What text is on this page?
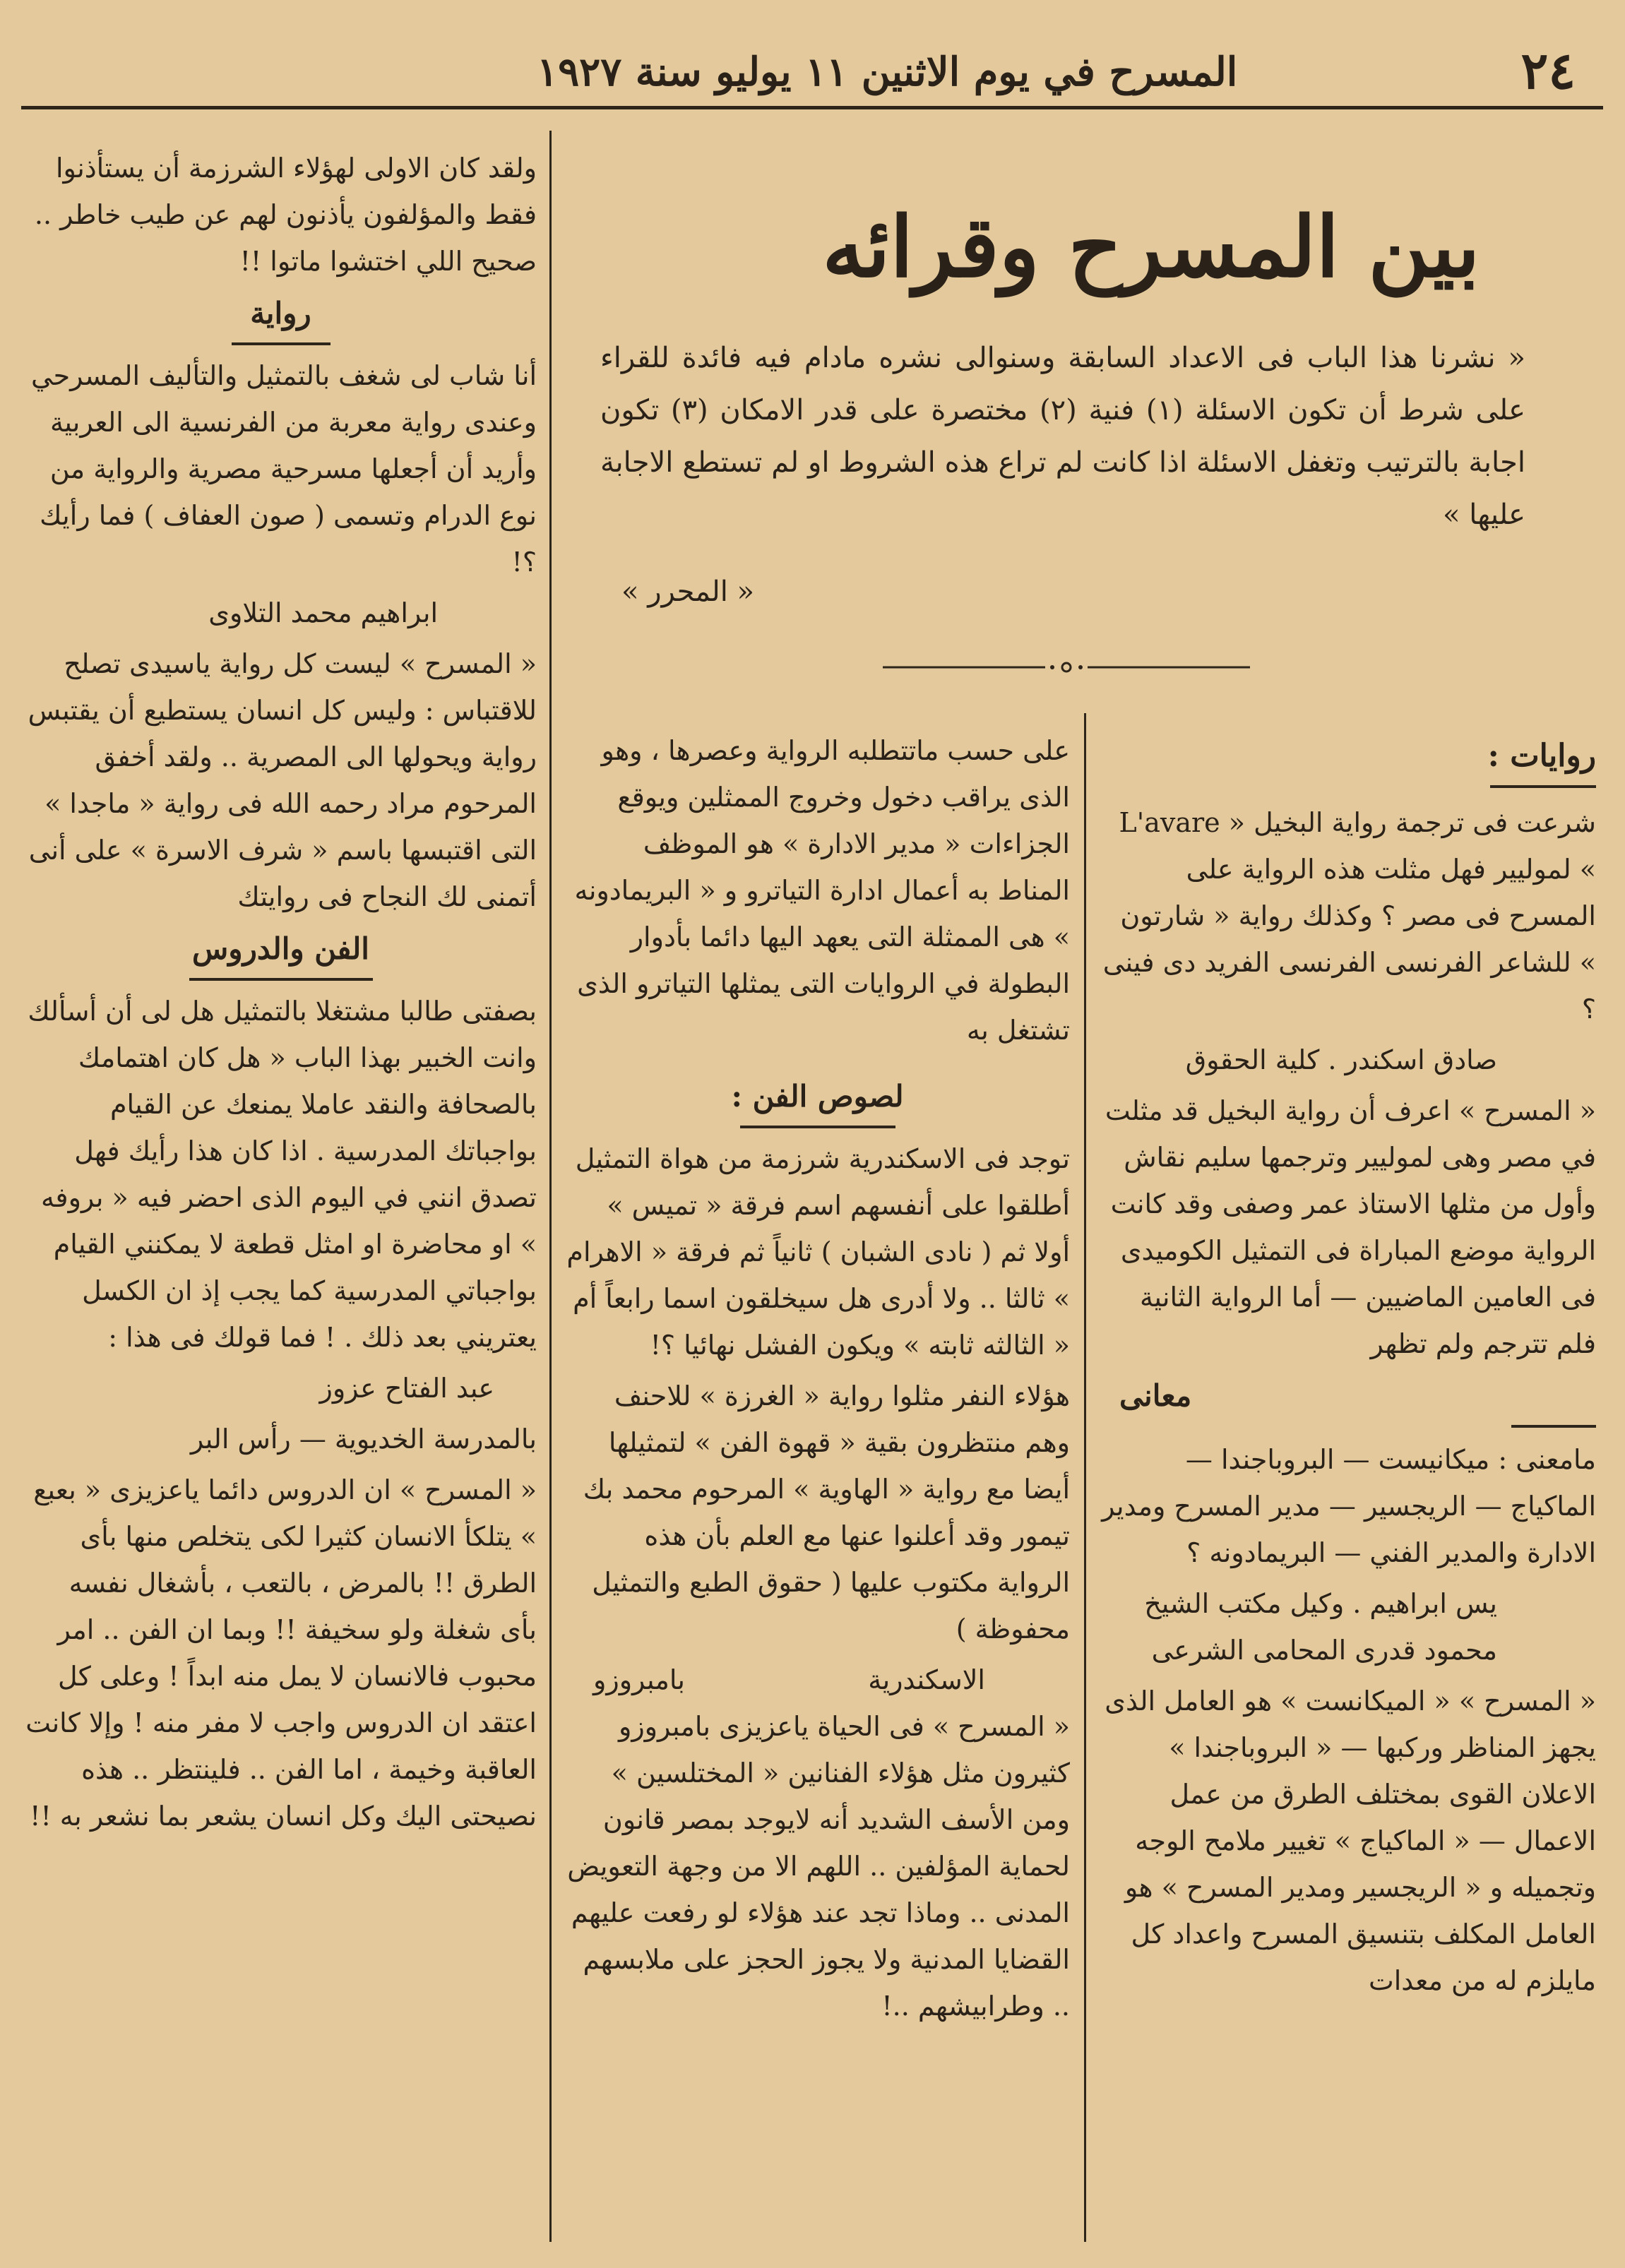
٢٤
المسرح في يوم الاثنين ١١ يوليو سنة ١٩٢٧
بين المسرح وقرائه
« نشرنا هذا الباب فى الاعداد السابقة وسنوالى نشره مادام فيه فائدة للقراء على شرط أن تكون الاسئلة (١) فنية (٢) مختصرة على قدر الامكان (٣) تكون اجابة بالترتيب وتغفل الاسئلة اذا كانت لم تراع هذه الشروط او لم تستطع الاجابة عليها »
« المحرر »
روايات :

شرعت فى ترجمة رواية البخيل « L'avare » لموليير فهل مثلت هذه الرواية على المسرح فى مصر ؟ وكذلك رواية « شارتون » للشاعر الفرنسى الفرنسى الفريد دى فينى ؟

صادق اسكندر . كلية الحقوق

« المسرح » اعرف أن رواية البخيل قد مثلت في مصر وهى لموليير وترجمها سليم نقاش وأول من مثلها الاستاذ عمر وصفى وقد كانت الرواية موضع المباراة فى التمثيل الكوميدى فى العامين الماضيين — أما الرواية الثانية فلم تترجم ولم تظهر

معانى

مامعنى : ميكانيست — البروباجندا — الماكياج — الريجسير — مدير المسرح ومدير الادارة والمدير الفني — البريمادونه ؟

يس ابراهيم . وكيل مكتب الشيخ محمود قدرى المحامى الشرعى

« المسرح » « الميكانست » هو العامل الذى يجهز المناظر وركبها — « البروباجندا » الاعلان القوى بمختلف الطرق من عمل الاعمال — « الماكياج » تغيير ملامح الوجه وتجميله و « الريجسير ومدير المسرح » هو العامل المكلف بتنسيق المسرح واعداد كل مايلزم له من معدات

على حسب ماتتطلبه الرواية وعصرها ، وهو الذى يراقب دخول وخروج الممثلين ويوقع الجزاءات « مدير الادارة » هو الموظف المناط به أعمال ادارة التياترو و « البريمادونه » هى الممثلة التى يعهد اليها دائما بأدوار البطولة في الروايات التى يمثلها التياترو الذى تشتغل به

لصوص الفن :

توجد فى الاسكندرية شرزمة من هواة التمثيل أطلقوا على أنفسهم اسم فرقة « تميس » أولا ثم ( نادى الشبان ) ثانياً ثم فرقة « الاهرام » ثالثا .. ولا أدرى هل سيخلقون اسما رابعاً أم « الثالثه ثابته » ويكون الفشل نهائيا ؟!

هؤلاء النفر مثلوا رواية « الغرزة » للاحنف وهم منتظرون بقية « قهوة الفن » لتمثيلها أيضا مع رواية « الهاوية » المرحوم محمد بك تيمور وقد أعلنوا عنها مع العلم بأن هذه الرواية مكتوب عليها ( حقوق الطبع والتمثيل محفوظة )

الاسكندرية
بامبروزو

« المسرح » فى الحياة ياعزيزى بامبروزو كثيرون مثل هؤلاء الفنانين « المختلسين » ومن الأسف الشديد أنه لايوجد بمصر قانون لحماية المؤلفين .. اللهم الا من وجهة التعويض المدنى .. وماذا تجد عند هؤلاء لو رفعت عليهم القضايا المدنية ولا يجوز الحجز على ملابسهم .. وطرابيشهم ..!

ولقد كان الاولى لهؤلاء الشرزمة أن يستأذنوا فقط والمؤلفون يأذنون لهم عن طيب خاطر .. صحيح اللي اختشوا ماتوا !!

رواية

أنا شاب لى شغف بالتمثيل والتأليف المسرحي وعندى رواية معربة من الفرنسية الى العربية وأريد أن أجعلها مسرحية مصرية والرواية من نوع الدرام وتسمى ( صون العفاف ) فما رأيك ؟!

ابراهيم محمد التلاوى

« المسرح » ليست كل رواية ياسيدى تصلح للاقتباس : وليس كل انسان يستطيع أن يقتبس رواية ويحولها الى المصرية .. ولقد أخفق المرحوم مراد رحمه الله فى رواية « ماجدا » التى اقتبسها باسم « شرف الاسرة » على أنى أتمنى لك النجاح فى روايتك

الفن والدروس

بصفتى طالبا مشتغلا بالتمثيل هل لى أن أسألك وانت الخبير بهذا الباب « هل كان اهتمامك بالصحافة والنقد عاملا يمنعك عن القيام بواجباتك المدرسية . اذا كان هذا رأيك فهل تصدق انني في اليوم الذى احضر فيه « بروفه » او محاضرة او امثل قطعة لا يمكنني القيام بواجباتي المدرسية كما يجب إذ ان الكسل يعتريني بعد ذلك . ! فما قولك فى هذا :

عبد الفتاح عزوز

بالمدرسة الخديوية — رأس البر

« المسرح » ان الدروس دائما ياعزيزى « بعبع » يتلكأ الانسان كثيرا لكى يتخلص منها بأى الطرق !! بالمرض ، بالتعب ، بأشغال نفسه بأى شغلة ولو سخيفة !! وبما ان الفن .. امر محبوب فالانسان لا يمل منه ابداً ! وعلى كل اعتقد ان الدروس واجب لا مفر منه ! وإلا كانت العاقبة وخيمة ، اما الفن .. فلينتظر .. هذه نصيحتى اليك وكل انسان يشعر بما نشعر به !!
